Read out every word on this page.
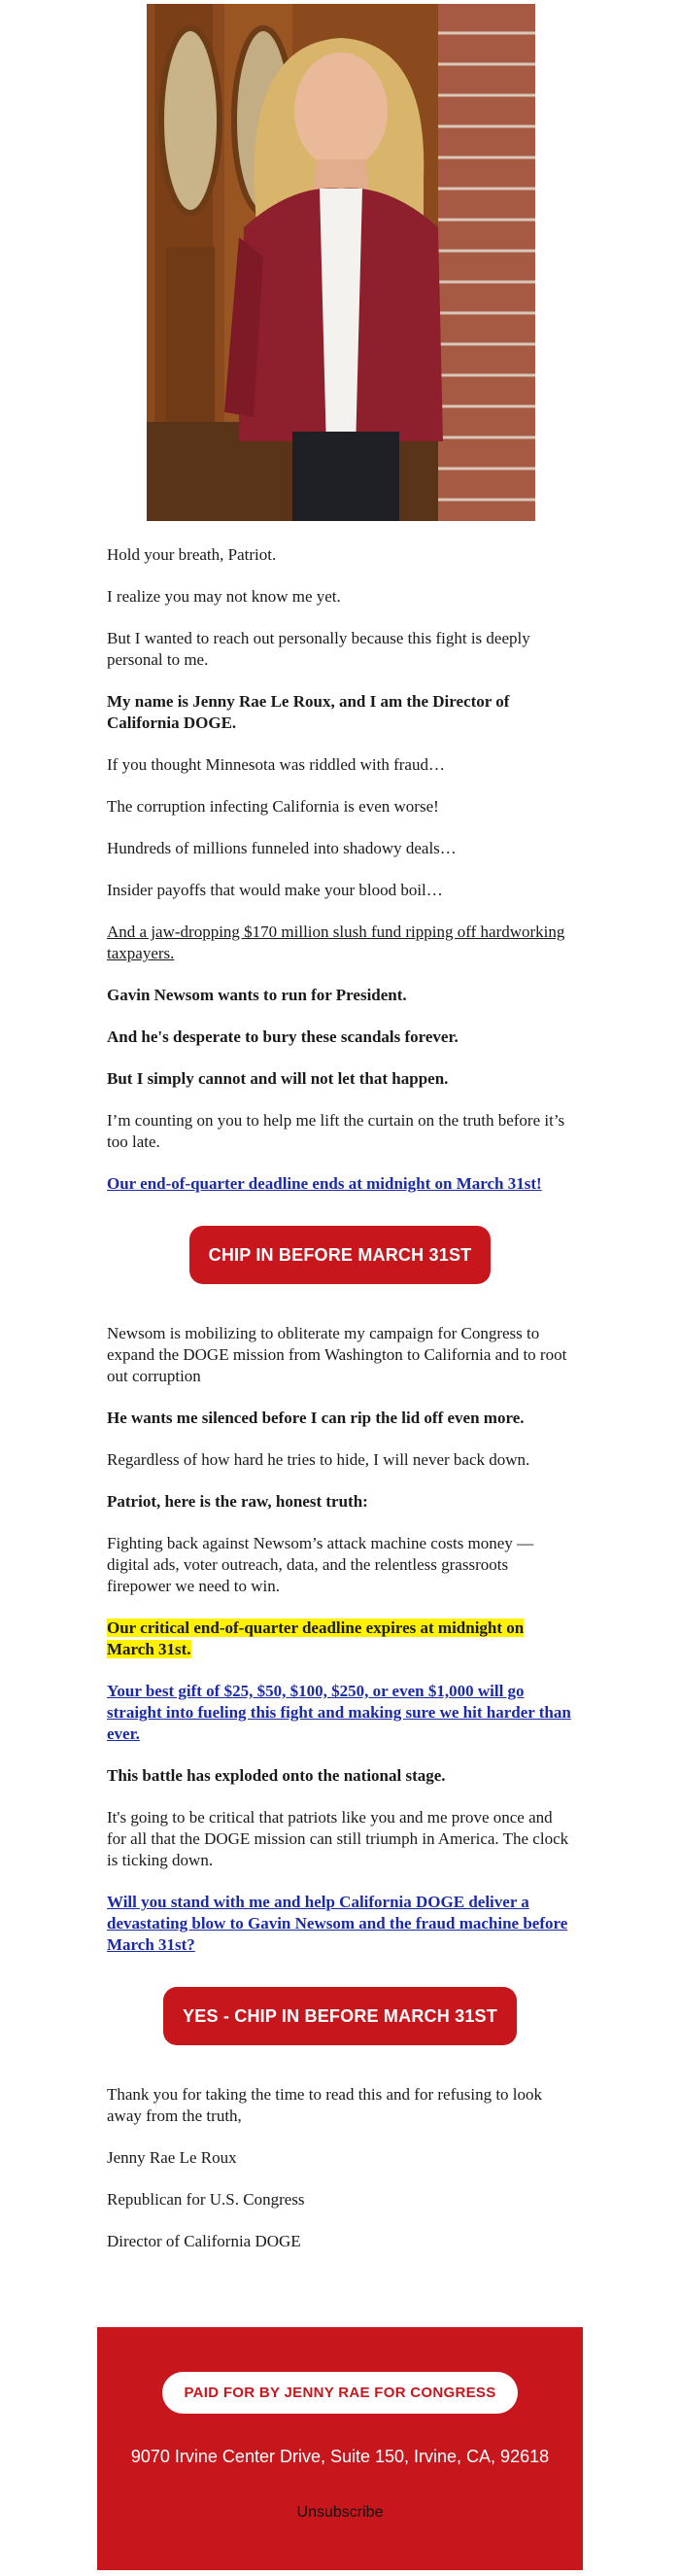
Hold your breath, Patriot.

I realize you may not know me yet.

But I wanted to reach out personally because this fight is deeply personal to me.

My name is Jenny Rae Le Roux, and I am the Director of California DOGE.

If you thought Minnesota was riddled with fraud…

The corruption infecting California is even worse!

Hundreds of millions funneled into shadowy deals…

Insider payoffs that would make your blood boil…

And a jaw-dropping $170 million slush fund ripping off hardworking taxpayers.

Gavin Newsom wants to run for President.

And he's desperate to bury these scandals forever.

But I simply cannot and will not let that happen.

I’m counting on you to help me lift the curtain on the truth before it’s too late.

Our end-of-quarter deadline ends at midnight on March 31st!

CHIP IN BEFORE MARCH 31ST

Newsom is mobilizing to obliterate my campaign for Congress to expand the DOGE mission from Washington to California and to root out corruption

He wants me silenced before I can rip the lid off even more.

Regardless of how hard he tries to hide, I will never back down.

Patriot, here is the raw, honest truth:

Fighting back against Newsom’s attack machine costs money — digital ads, voter outreach, data, and the relentless grassroots firepower we need to win.

Our critical end-of-quarter deadline expires at midnight on March 31st.

Your best gift of $25, $50, $100, $250, or even $1,000 will go straight into fueling this fight and making sure we hit harder than ever.

This battle has exploded onto the national stage.

It's going to be critical that patriots like you and me prove once and for all that the DOGE mission can still triumph in America. The clock is ticking down.

Will you stand with me and help California DOGE deliver a devastating blow to Gavin Newsom and the fraud machine before March 31st?

YES - CHIP IN BEFORE MARCH 31ST

Thank you for taking the time to read this and for refusing to look away from the truth,

Jenny Rae Le Roux

Republican for U.S. Congress

Director of California DOGE

PAID FOR BY JENNY RAE FOR CONGRESS
9070 Irvine Center Drive, Suite 150, Irvine, CA, 92618
Unsubscribe
